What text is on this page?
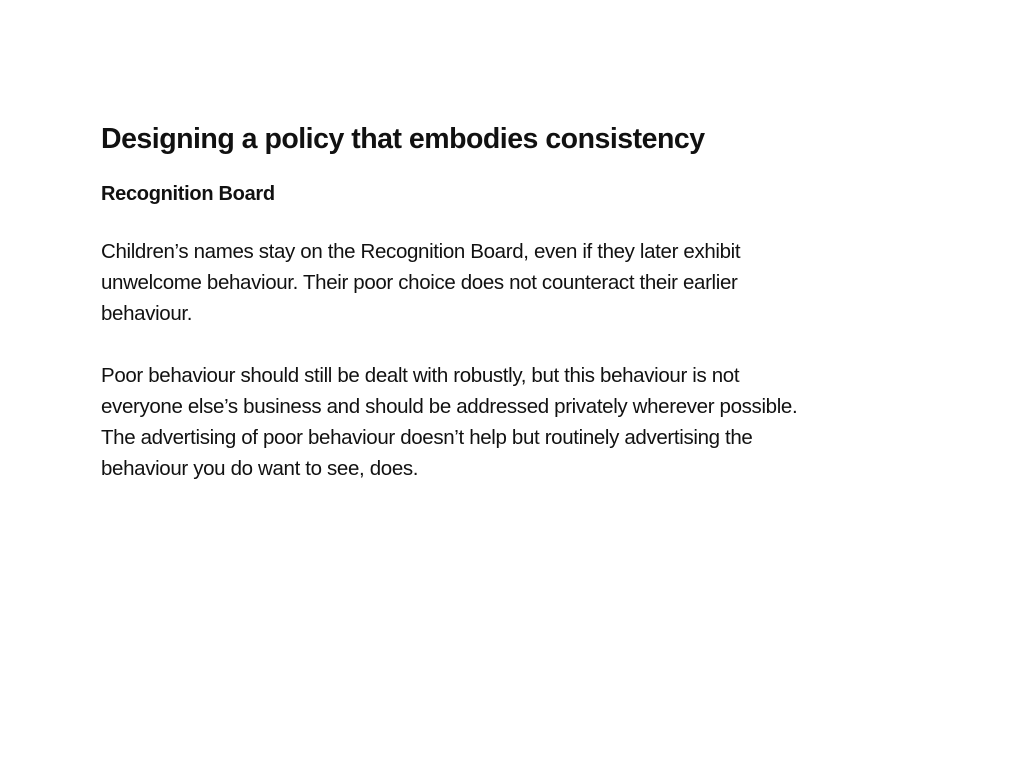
Designing a policy that embodies consistency
Recognition Board

Children’s names stay on the Recognition Board, even if they later exhibit
unwelcome behaviour. Their poor choice does not counteract their earlier
behaviour.

Poor behaviour should still be dealt with robustly, but this behaviour is not
everyone else’s business and should be addressed privately wherever possible.
The advertising of poor behaviour doesn’t help but routinely advertising the
behaviour you do want to see, does.
